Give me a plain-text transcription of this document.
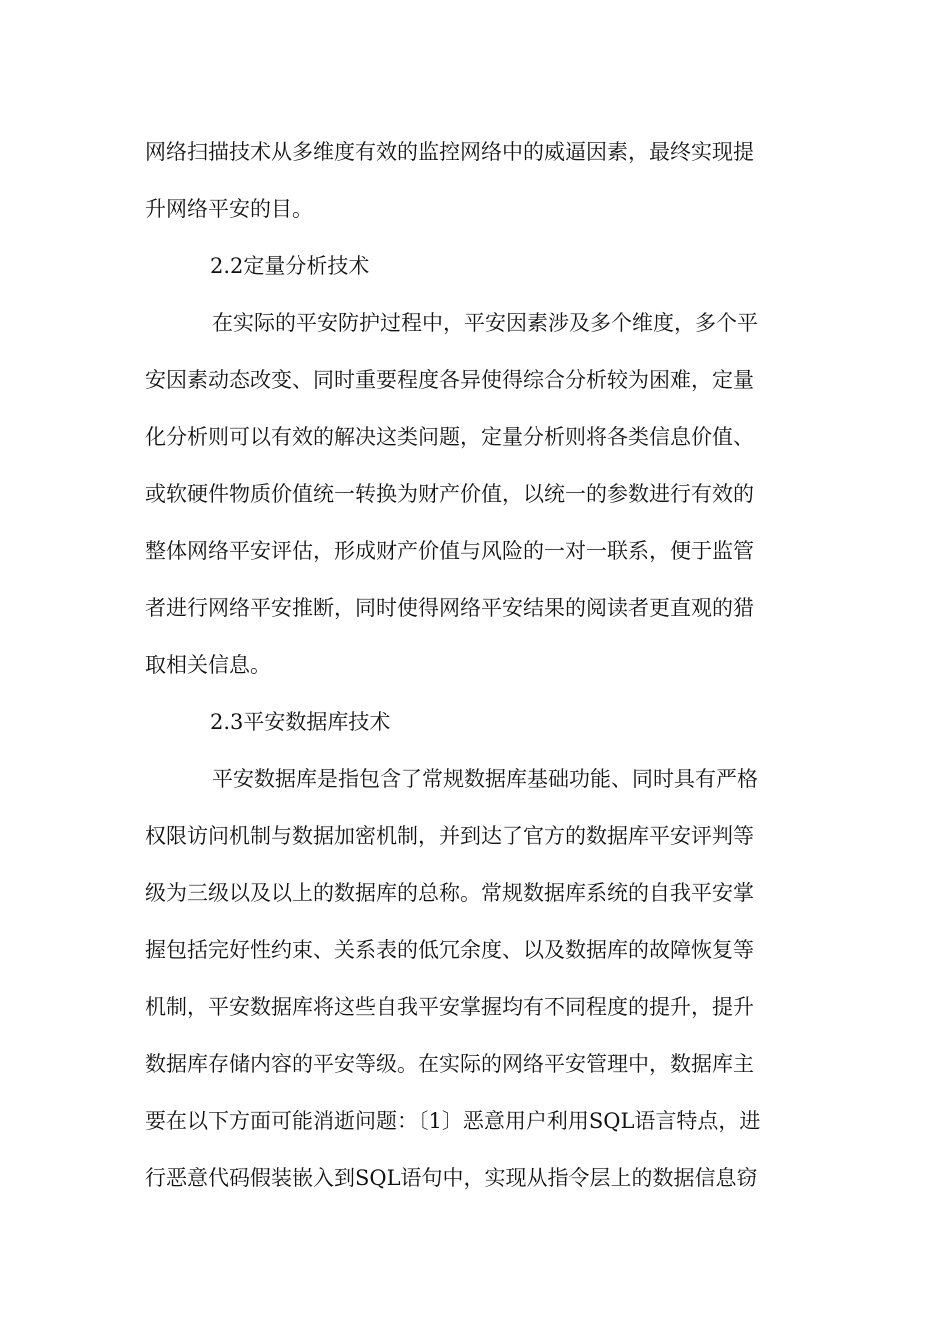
网络扫描技术从多维度有效的监控网络中的威逼因素，最终实现提
升网络平安的目。
2.2定量分析技术
在实际的平安防护过程中，平安因素涉及多个维度，多个平
安因素动态改变、同时重要程度各异使得综合分析较为困难，定量
化分析则可以有效的解决这类问题，定量分析则将各类信息价值、
或软硬件物质价值统一转换为财产价值，以统一的参数进行有效的
整体网络平安评估，形成财产价值与风险的一对一联系，便于监管
者进行网络平安推断，同时使得网络平安结果的阅读者更直观的猎
取相关信息。
2.3平安数据库技术
平安数据库是指包含了常规数据库基础功能、同时具有严格
权限访问机制与数据加密机制，并到达了官方的数据库平安评判等
级为三级以及以上的数据库的总称。常规数据库系统的自我平安掌
握包括完好性约束、关系表的低冗余度、以及数据库的故障恢复等
机制，平安数据库将这些自我平安掌握均有不同程度的提升，提升
数据库存储内容的平安等级。在实际的网络平安管理中，数据库主
要在以下方面可能消逝问题：〔1〕恶意用户利用SQL语言特点，进
行恶意代码假装嵌入到SQL语句中，实现从指令层上的数据信息窃
